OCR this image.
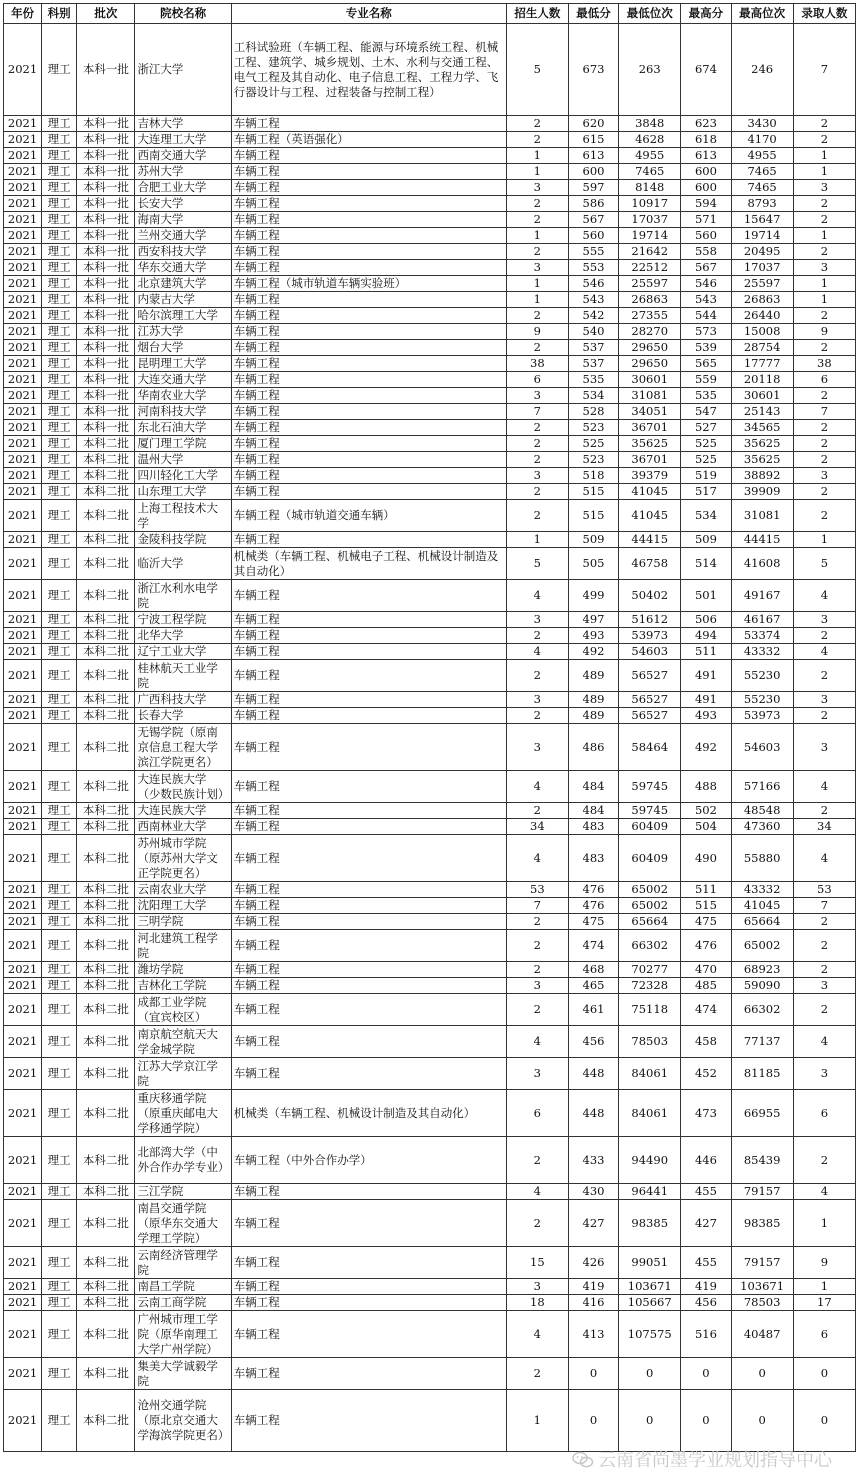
年份	科别	批次	院校名称	专业名称	招生人数	最低分	最低位次	最高分	最高位次	录取人数
2021	理工	本科一批	浙江大学	工科试验班（车辆工程、能源与环境系统工程、机械工程、建筑学、城乡规划、土木、水利与交通工程、电气工程及其自动化、电子信息工程、工程力学、飞行器设计与工程、过程装备与控制工程）	5	673	263	674	246	7
2021	理工	本科一批	吉林大学	车辆工程	2	620	3848	623	3430	2
2021	理工	本科一批	大连理工大学	车辆工程（英语强化）	2	615	4628	618	4170	2
2021	理工	本科一批	西南交通大学	车辆工程	1	613	4955	613	4955	1
2021	理工	本科一批	苏州大学	车辆工程	1	600	7465	600	7465	1
2021	理工	本科一批	合肥工业大学	车辆工程	3	597	8148	600	7465	3
2021	理工	本科一批	长安大学	车辆工程	2	586	10917	594	8793	2
2021	理工	本科一批	海南大学	车辆工程	2	567	17037	571	15647	2
2021	理工	本科一批	兰州交通大学	车辆工程	1	560	19714	560	19714	1
2021	理工	本科一批	西安科技大学	车辆工程	2	555	21642	558	20495	2
2021	理工	本科一批	华东交通大学	车辆工程	3	553	22512	567	17037	3
2021	理工	本科一批	北京建筑大学	车辆工程（城市轨道车辆实验班）	1	546	25597	546	25597	1
2021	理工	本科一批	内蒙古大学	车辆工程	1	543	26863	543	26863	1
2021	理工	本科一批	哈尔滨理工大学	车辆工程	2	542	27355	544	26440	2
2021	理工	本科一批	江苏大学	车辆工程	9	540	28270	573	15008	9
2021	理工	本科一批	烟台大学	车辆工程	2	537	29650	539	28754	2
2021	理工	本科一批	昆明理工大学	车辆工程	38	537	29650	565	17777	38
2021	理工	本科一批	大连交通大学	车辆工程	6	535	30601	559	20118	6
2021	理工	本科一批	华南农业大学	车辆工程	3	534	31081	535	30601	2
2021	理工	本科一批	河南科技大学	车辆工程	7	528	34051	547	25143	7
2021	理工	本科一批	东北石油大学	车辆工程	2	523	36701	527	34565	2
2021	理工	本科二批	厦门理工学院	车辆工程	2	525	35625	525	35625	2
2021	理工	本科二批	温州大学	车辆工程	2	523	36701	525	35625	2
2021	理工	本科二批	四川轻化工大学	车辆工程	3	518	39379	519	38892	3
2021	理工	本科二批	山东理工大学	车辆工程	2	515	41045	517	39909	2
2021	理工	本科二批	上海工程技术大学	车辆工程（城市轨道交通车辆）	2	515	41045	534	31081	2
2021	理工	本科二批	金陵科技学院	车辆工程	1	509	44415	509	44415	1
2021	理工	本科二批	临沂大学	机械类（车辆工程、机械电子工程、机械设计制造及其自动化）	5	505	46758	514	41608	5
2021	理工	本科二批	浙江水利水电学院	车辆工程	4	499	50402	501	49167	4
2021	理工	本科二批	宁波工程学院	车辆工程	3	497	51612	506	46167	3
2021	理工	本科二批	北华大学	车辆工程	2	493	53973	494	53374	2
2021	理工	本科二批	辽宁工业大学	车辆工程	4	492	54603	511	43332	4
2021	理工	本科二批	桂林航天工业学院	车辆工程	2	489	56527	491	55230	2
2021	理工	本科二批	广西科技大学	车辆工程	3	489	56527	491	55230	3
2021	理工	本科二批	长春大学	车辆工程	2	489	56527	493	53973	2
2021	理工	本科二批	无锡学院（原南京信息工程大学滨江学院更名）	车辆工程	3	486	58464	492	54603	3
2021	理工	本科二批	大连民族大学（少数民族计划）	车辆工程	4	484	59745	488	57166	4
2021	理工	本科二批	大连民族大学	车辆工程	2	484	59745	502	48548	2
2021	理工	本科二批	西南林业大学	车辆工程	34	483	60409	504	47360	34
2021	理工	本科二批	苏州城市学院（原苏州大学文正学院更名）	车辆工程	4	483	60409	490	55880	4
2021	理工	本科二批	云南农业大学	车辆工程	53	476	65002	511	43332	53
2021	理工	本科二批	沈阳理工大学	车辆工程	7	476	65002	515	41045	7
2021	理工	本科二批	三明学院	车辆工程	2	475	65664	475	65664	2
2021	理工	本科二批	河北建筑工程学院	车辆工程	2	474	66302	476	65002	2
2021	理工	本科二批	潍坊学院	车辆工程	2	468	70277	470	68923	2
2021	理工	本科二批	吉林化工学院	车辆工程	3	465	72328	485	59090	3
2021	理工	本科二批	成都工业学院（宜宾校区）	车辆工程	2	461	75118	474	66302	2
2021	理工	本科二批	南京航空航天大学金城学院	车辆工程	4	456	78503	458	77137	4
2021	理工	本科二批	江苏大学京江学院	车辆工程	3	448	84061	452	81185	3
2021	理工	本科二批	重庆移通学院（原重庆邮电大学移通学院）	机械类（车辆工程、机械设计制造及其自动化）	6	448	84061	473	66955	6
2021	理工	本科二批	北部湾大学（中外合作办学专业）	车辆工程（中外合作办学）	2	433	94490	446	85439	2
2021	理工	本科二批	三江学院	车辆工程	4	430	96441	455	79157	4
2021	理工	本科二批	南昌交通学院（原华东交通大学理工学院）	车辆工程	2	427	98385	427	98385	1
2021	理工	本科二批	云南经济管理学院	车辆工程	15	426	99051	455	79157	9
2021	理工	本科二批	南昌工学院	车辆工程	3	419	103671	419	103671	1
2021	理工	本科二批	云南工商学院	车辆工程	18	416	105667	456	78503	17
2021	理工	本科二批	广州城市理工学院（原华南理工大学广州学院）	车辆工程	4	413	107575	516	40487	6
2021	理工	本科二批	集美大学诚毅学院	车辆工程	2	0	0	0	0	0
2021	理工	本科二批	沧州交通学院（原北京交通大学海滨学院更名）	车辆工程	1	0	0	0	0	0
云南省尚墨学业规划指导中心
